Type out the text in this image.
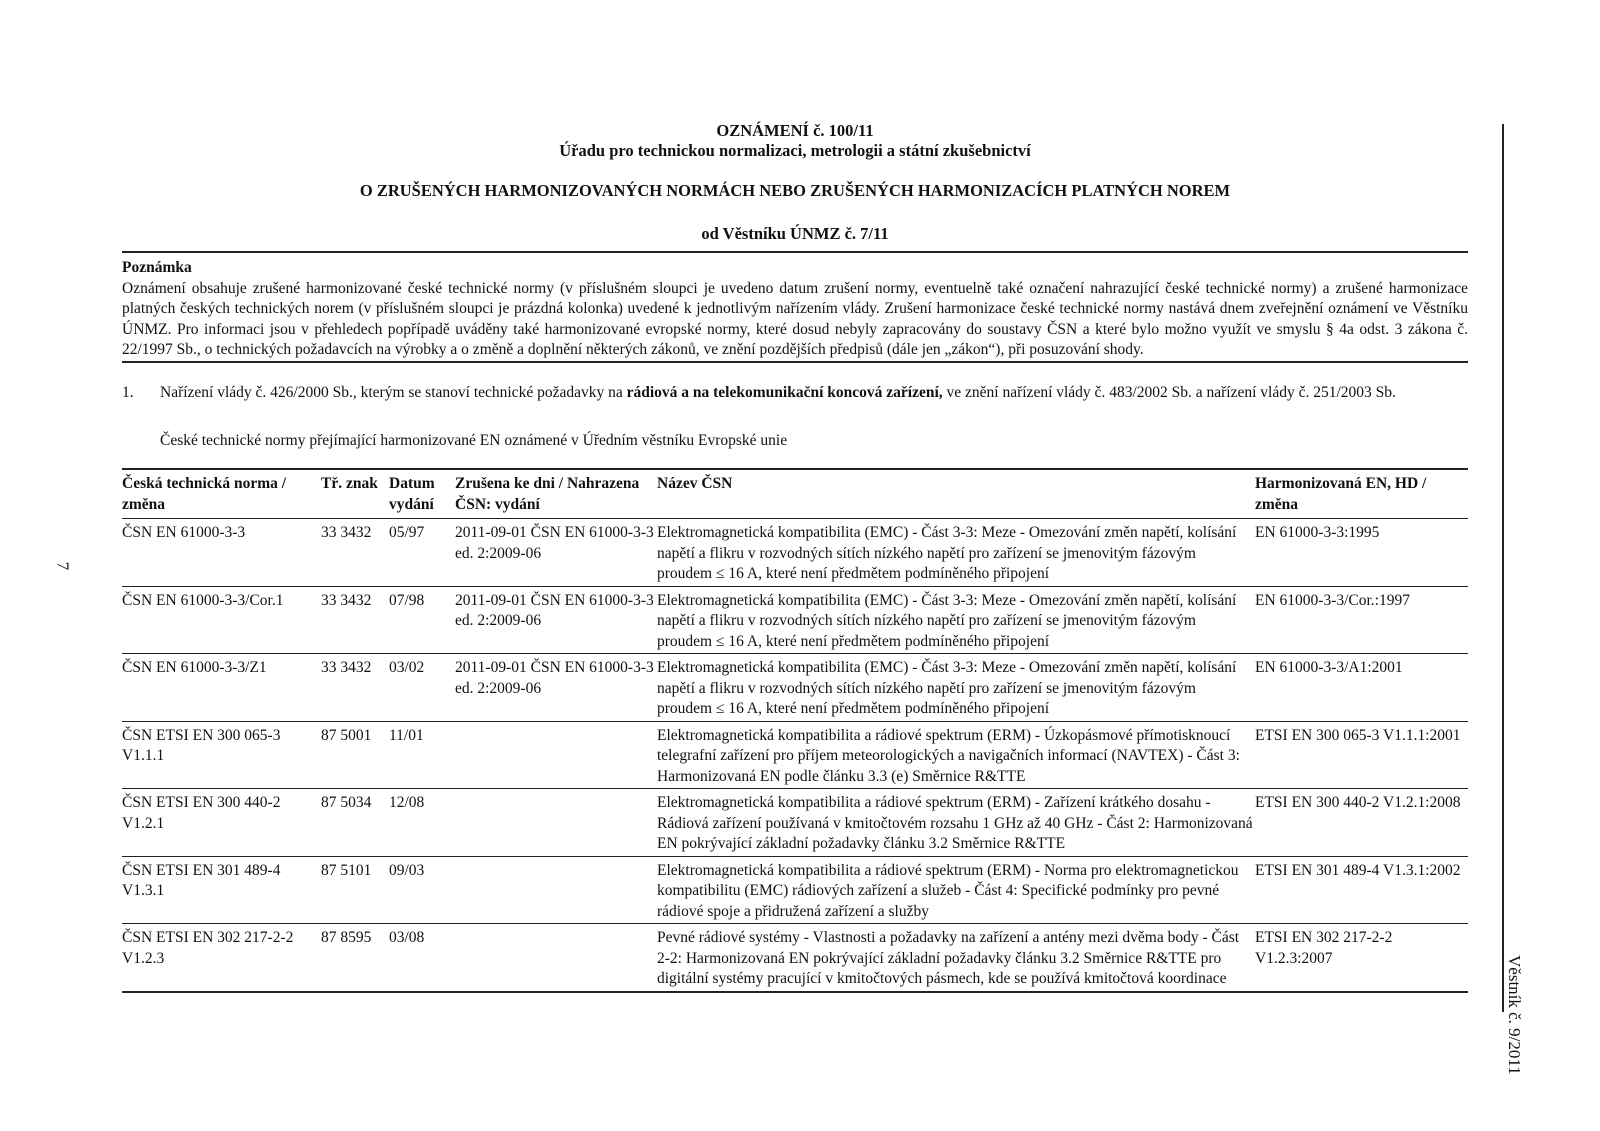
OZNÁMENÍ č. 100/11
Úřadu pro technickou normalizaci, metrologii a státní zkušebnictví
O ZRUŠENÝCH HARMONIZOVANÝCH NORMÁCH NEBO ZRUŠENÝCH HARMONIZACÍCH PLATNÝCH NOREM
od Věstníku ÚNMZ č. 7/11
Poznámka
Oznámení obsahuje zrušené harmonizované české technické normy (v příslušném sloupci je uvedeno datum zrušení normy, eventuelně také označení nahrazující české technické normy) a zrušené harmonizace platných českých technických norem (v příslušném sloupci je prázdná kolonka) uvedené k jednotlivým nařízením vlády. Zrušení harmonizace české technické normy nastává dnem zveřejnění oznámení ve Věstníku ÚNMZ. Pro informaci jsou v přehledech popřípadě uváděny také harmonizované evropské normy, které dosud nebyly zapracovány do soustavy ČSN a které bylo možno využít ve smyslu § 4a odst. 3 zákona č. 22/1997 Sb., o technických požadavcích na výrobky a o změně a doplnění některých zákonů, ve znění pozdějších předpisů (dále jen „zákon“), při posuzování shody.
1. Nařízení vlády č. 426/2000 Sb., kterým se stanoví technické požadavky na rádiová a na telekomunikační koncová zařízení, ve znění nařízení vlády č. 483/2002 Sb. a nařízení vlády č. 251/2003 Sb.
České technické normy přejímající harmonizované EN oznámené v Úředním věstníku Evropské unie
Česká technická norma / změna	Tř. znak	Datum vydání	Zrušena ke dni / Nahrazena ČSN: vydání	Název ČSN	Harmonizovaná EN, HD / změna
ČSN EN 61000-3-3	33 3432	05/97	2011-09-01 ČSN EN 61000-3-3 ed. 2:2009-06	Elektromagnetická kompatibilita (EMC) - Část 3-3: Meze - Omezování změn napětí, kolísání napětí a flikru v rozvodných sítích nízkého napětí pro zařízení se jmenovitým fázovým proudem ≤ 16 A, které není předmětem podmíněného připojení	EN 61000-3-3:1995
ČSN EN 61000-3-3/Cor.1	33 3432	07/98	2011-09-01 ČSN EN 61000-3-3 ed. 2:2009-06	Elektromagnetická kompatibilita (EMC) - Část 3-3: Meze - Omezování změn napětí, kolísání napětí a flikru v rozvodných sítích nízkého napětí pro zařízení se jmenovitým fázovým proudem ≤ 16 A, které není předmětem podmíněného připojení	EN 61000-3-3/Cor.:1997
ČSN EN 61000-3-3/Z1	33 3432	03/02	2011-09-01 ČSN EN 61000-3-3 ed. 2:2009-06	Elektromagnetická kompatibilita (EMC) - Část 3-3: Meze - Omezování změn napětí, kolísání napětí a flikru v rozvodných sítích nízkého napětí pro zařízení se jmenovitým fázovým proudem ≤ 16 A, které není předmětem podmíněného připojení	EN 61000-3-3/A1:2001
ČSN ETSI EN 300 065-3 V1.1.1	87 5001	11/01		Elektromagnetická kompatibilita a rádiové spektrum (ERM) - Úzkopásmové přímotisknoucí telegrafní zařízení pro příjem meteorologických a navigačních informací (NAVTEX) - Část 3: Harmonizovaná EN podle článku 3.3 (e) Směrnice R&TTE	ETSI EN 300 065-3 V1.1.1:2001
ČSN ETSI EN 300 440-2 V1.2.1	87 5034	12/08		Elektromagnetická kompatibilita a rádiové spektrum (ERM) - Zařízení krátkého dosahu - Rádiová zařízení používaná v kmitočtovém rozsahu 1 GHz až 40 GHz - Část 2: Harmonizovaná EN pokrývající základní požadavky článku 3.2 Směrnice R&TTE	ETSI EN 300 440-2 V1.2.1:2008
ČSN ETSI EN 301 489-4 V1.3.1	87 5101	09/03		Elektromagnetická kompatibilita a rádiové spektrum (ERM) - Norma pro elektromagnetickou kompatibilitu (EMC) rádiových zařízení a služeb - Část 4: Specifické podmínky pro pevné rádiové spoje a přidružená zařízení a služby	ETSI EN 301 489-4 V1.3.1:2002
ČSN ETSI EN 302 217-2-2 V1.2.3	87 8595	03/08		Pevné rádiové systémy - Vlastnosti a požadavky na zařízení a antény mezi dvěma body - Část 2-2: Harmonizovaná EN pokrývající základní požadavky článku 3.2 Směrnice R&TTE pro digitální systémy pracující v kmitočtových pásmech, kde se používá kmitočtová koordinace	ETSI EN 302 217-2-2 V1.2.3:2007	Věstník č. 9/2011
7
